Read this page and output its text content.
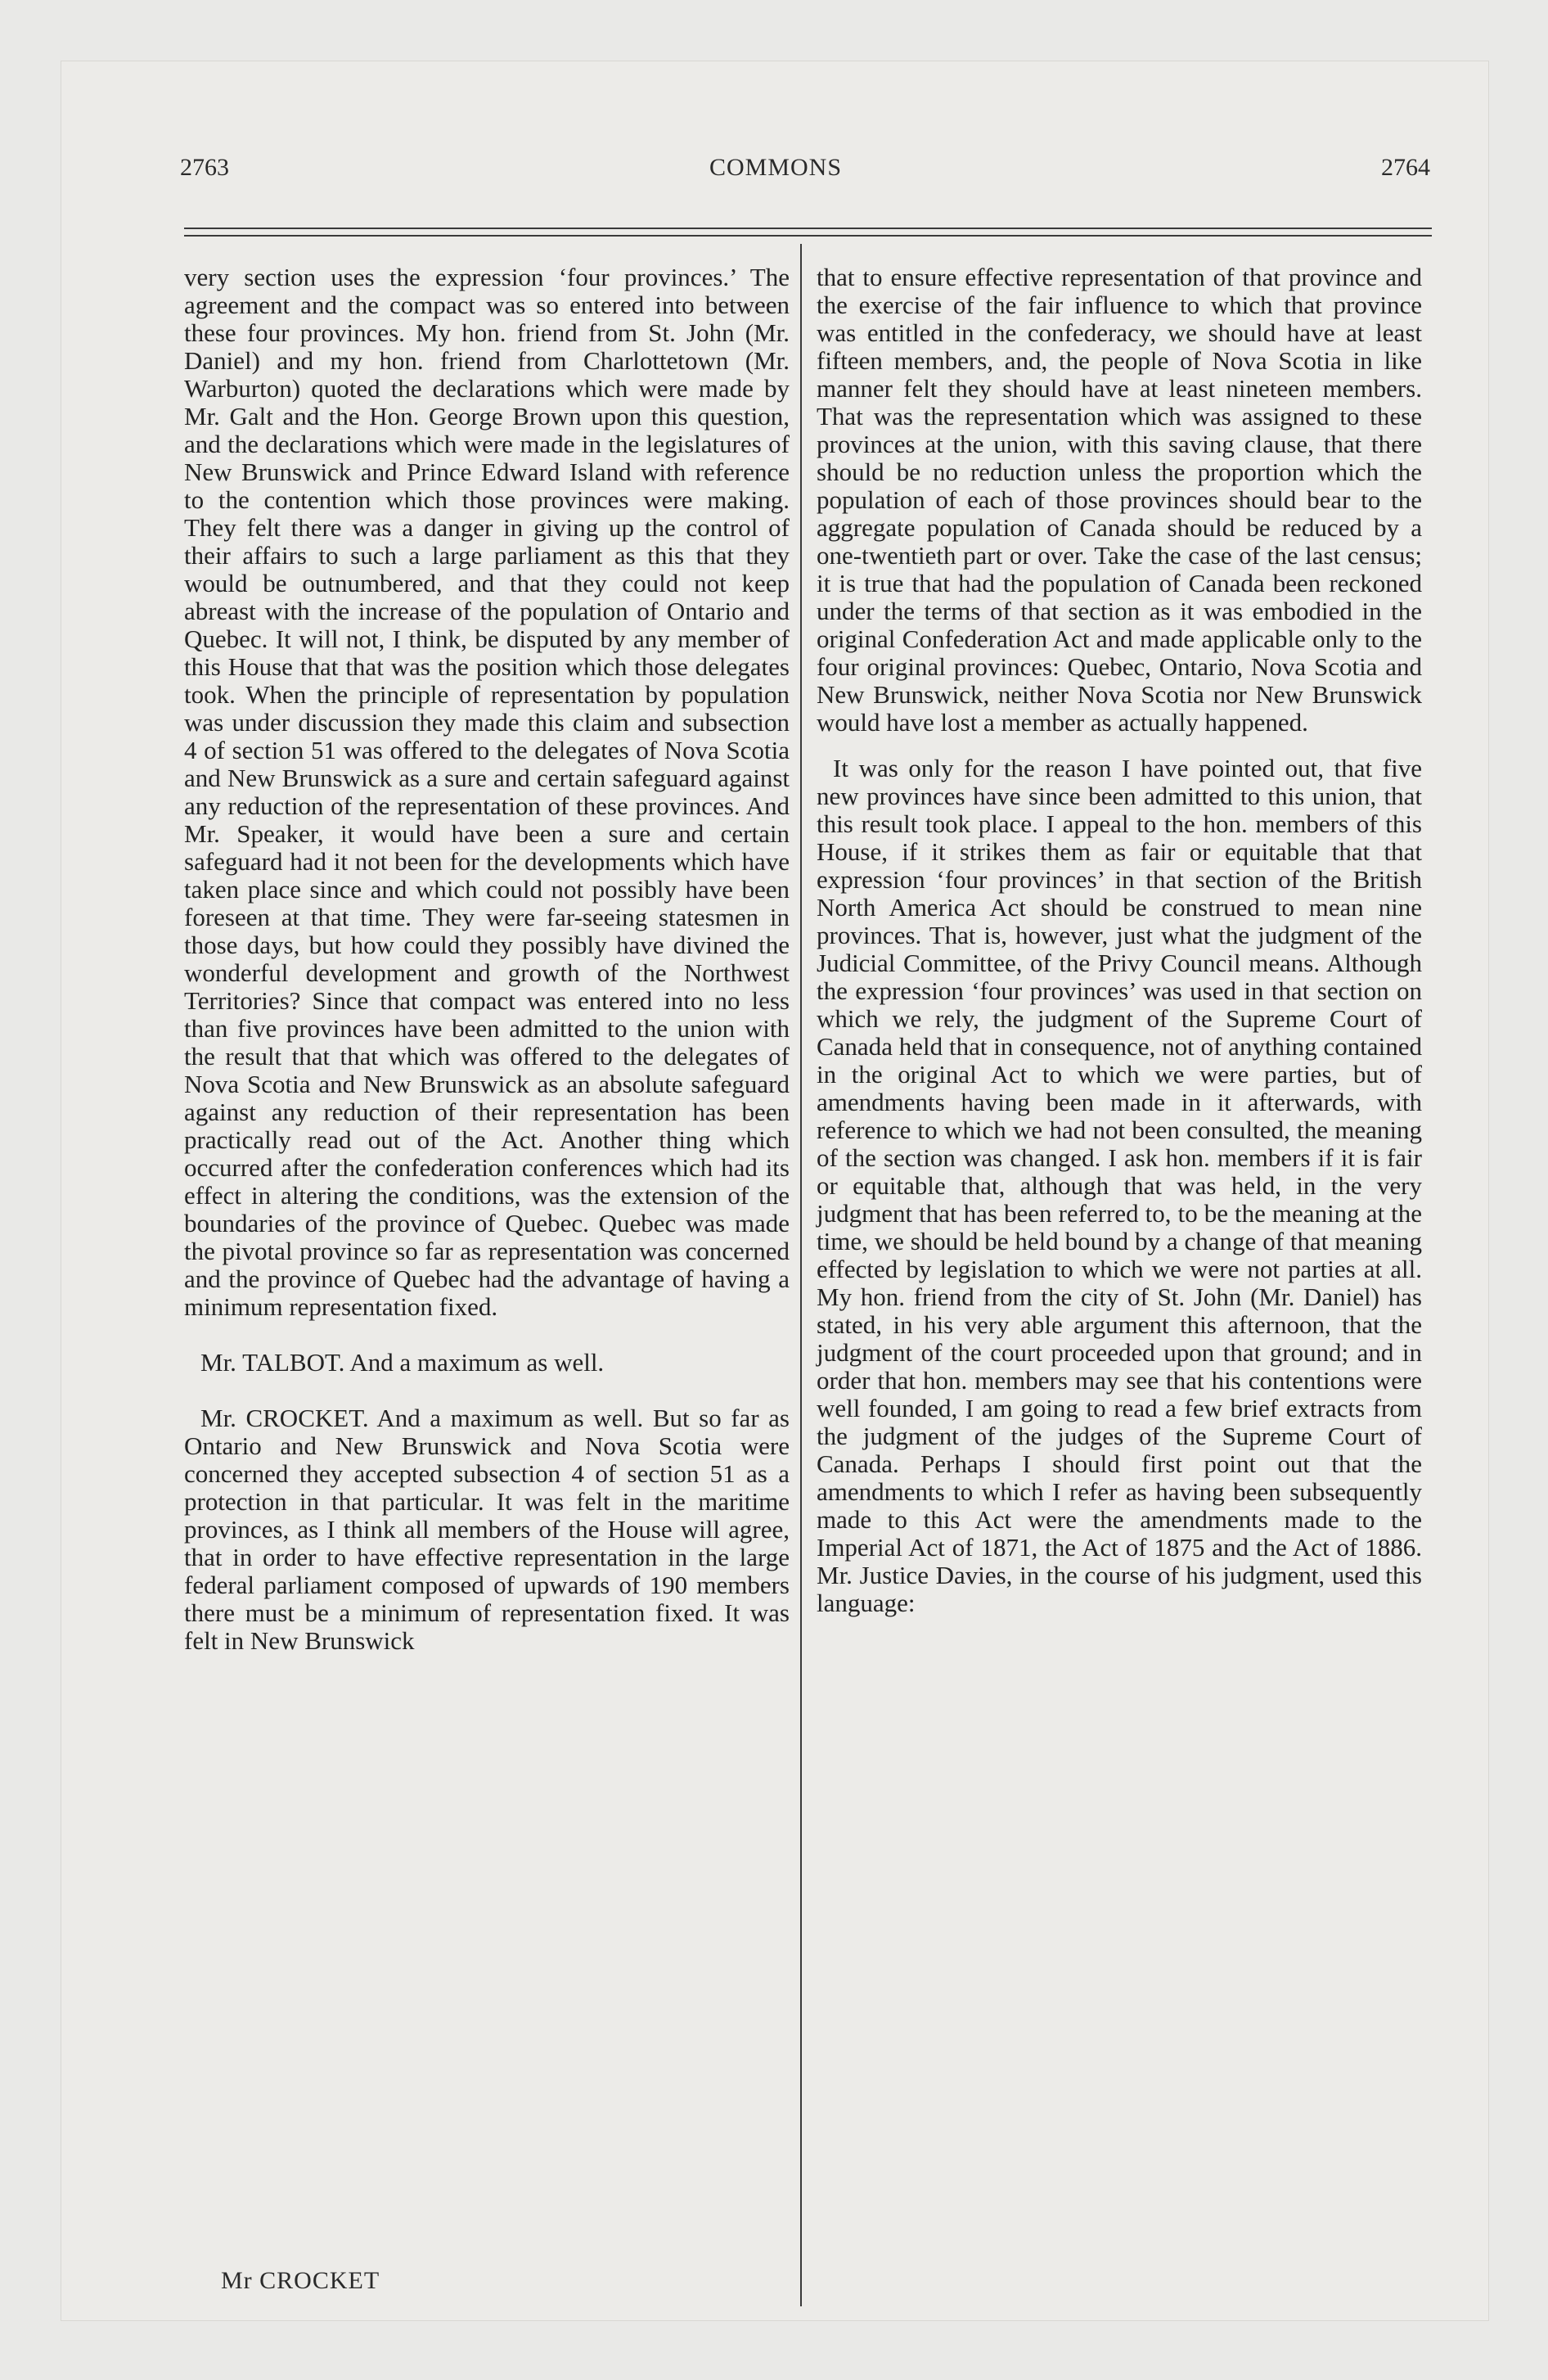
2763	COMMONS	2764

very section uses the expression ‘four provinces.’ The agreement and the compact was so entered into between these four provinces. My hon. friend from St. John (Mr. Daniel) and my hon. friend from Charlottetown (Mr. Warburton) quoted the declarations which were made by Mr. Galt and the Hon. George Brown upon this question, and the declarations which were made in the legislatures of New Brunswick and Prince Edward Island with reference to the contention which those provinces were making. They felt there was a danger in giving up the control of their affairs to such a large parliament as this that they would be outnumbered, and that they could not keep abreast with the increase of the population of Ontario and Quebec. It will not, I think, be disputed by any member of this House that that was the position which those delegates took. When the principle of representation by population was under discussion they made this claim and subsection 4 of section 51 was offered to the delegates of Nova Scotia and New Brunswick as a sure and certain safeguard against any reduction of the representation of these provinces. And Mr. Speaker, it would have been a sure and certain safeguard had it not been for the developments which have taken place since and which could not possibly have been foreseen at that time. They were far-seeing statesmen in those days, but how could they possibly have divined the wonderful development and growth of the Northwest Territories? Since that compact was entered into no less than five provinces have been admitted to the union with the result that that which was offered to the delegates of Nova Scotia and New Brunswick as an absolute safeguard against any reduction of their representation has been practically read out of the Act. Another thing which occurred after the confederation conferences which had its effect in altering the conditions, was the extension of the boundaries of the province of Quebec. Quebec was made the pivotal province so far as representation was concerned and the province of Quebec had the advantage of having a minimum representation fixed.

Mr. TALBOT. And a maximum as well.

Mr. CROCKET. And a maximum as well. But so far as Ontario and New Brunswick and Nova Scotia were concerned they accepted subsection 4 of section 51 as a protection in that particular. It was felt in the maritime provinces, as I think all members of the House will agree, that in order to have effective representation in the large federal parliament composed of upwards of 190 members there must be a minimum of representation fixed. It was felt in New Brunswick

that to ensure effective representation of that province and the exercise of the fair influence to which that province was entitled in the confederacy, we should have at least fifteen members, and, the people of Nova Scotia in like manner felt they should have at least nineteen members. That was the representation which was assigned to these provinces at the union, with this saving clause, that there should be no reduction unless the proportion which the population of each of those provinces should bear to the aggregate population of Canada should be reduced by a one-twentieth part or over. Take the case of the last census; it is true that had the population of Canada been reckoned under the terms of that section as it was embodied in the original Confederation Act and made applicable only to the four original provinces: Quebec, Ontario, Nova Scotia and New Brunswick, neither Nova Scotia nor New Brunswick would have lost a member as actually happened.

It was only for the reason I have pointed out, that five new provinces have since been admitted to this union, that this result took place. I appeal to the hon. members of this House, if it strikes them as fair or equitable that that expression ‘four provinces’ in that section of the British North America Act should be construed to mean nine provinces. That is, however, just what the judgment of the Judicial Committee, of the Privy Council means. Although the expression ‘four provinces’ was used in that section on which we rely, the judgment of the Supreme Court of Canada held that in consequence, not of anything contained in the original Act to which we were parties, but of amendments having been made in it afterwards, with reference to which we had not been consulted, the meaning of the section was changed. I ask hon. members if it is fair or equitable that, although that was held, in the very judgment that has been referred to, to be the meaning at the time, we should be held bound by a change of that meaning effected by legislation to which we were not parties at all. My hon. friend from the city of St. John (Mr. Daniel) has stated, in his very able argument this afternoon, that the judgment of the court proceeded upon that ground; and in order that hon. members may see that his contentions were well founded, I am going to read a few brief extracts from the judgment of the judges of the Supreme Court of Canada. Perhaps I should first point out that the amendments to which I refer as having been subsequently made to this Act were the amendments made to the Imperial Act of 1871, the Act of 1875 and the Act of 1886. Mr. Justice Davies, in the course of his judgment, used this language:

Mr CROCKET
